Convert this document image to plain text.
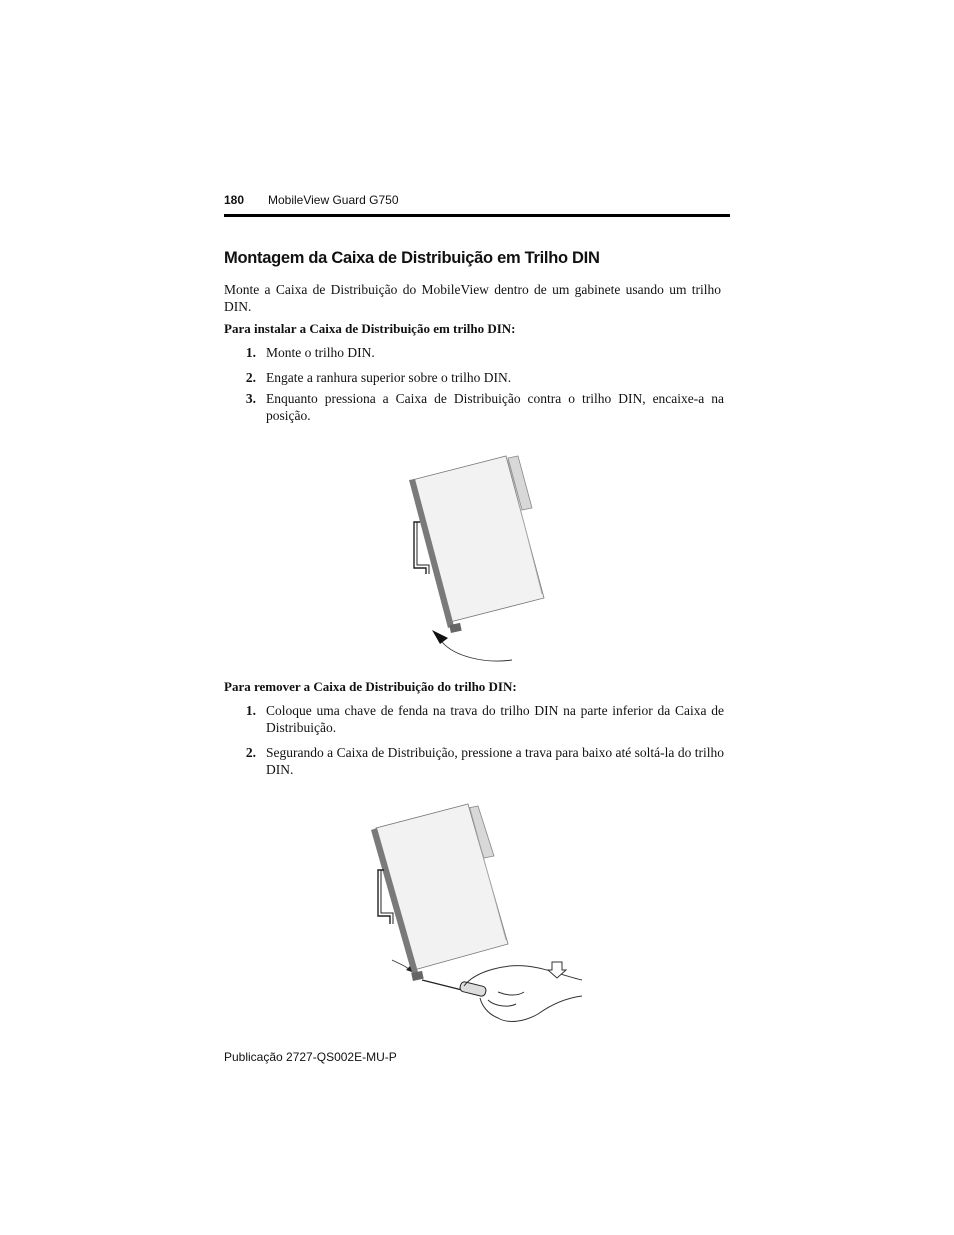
180 MobileView Guard G750
Montagem da Caixa de Distribuição em Trilho DIN
Monte a Caixa de Distribuição do MobileView dentro de um gabinete usando um trilho DIN.
Para instalar a Caixa de Distribuição em trilho DIN:
1. Monte o trilho DIN.
2. Engate a ranhura superior sobre o trilho DIN.
3. Enquanto pressiona a Caixa de Distribuição contra o trilho DIN, encaixe-a na posição.
Para remover a Caixa de Distribuição do trilho DIN:
1. Coloque uma chave de fenda na trava do trilho DIN na parte inferior da Caixa de Distribuição.
2. Segurando a Caixa de Distribuição, pressione a trava para baixo até soltá-la do trilho DIN.
Publicação 2727-QS002E-MU-P
